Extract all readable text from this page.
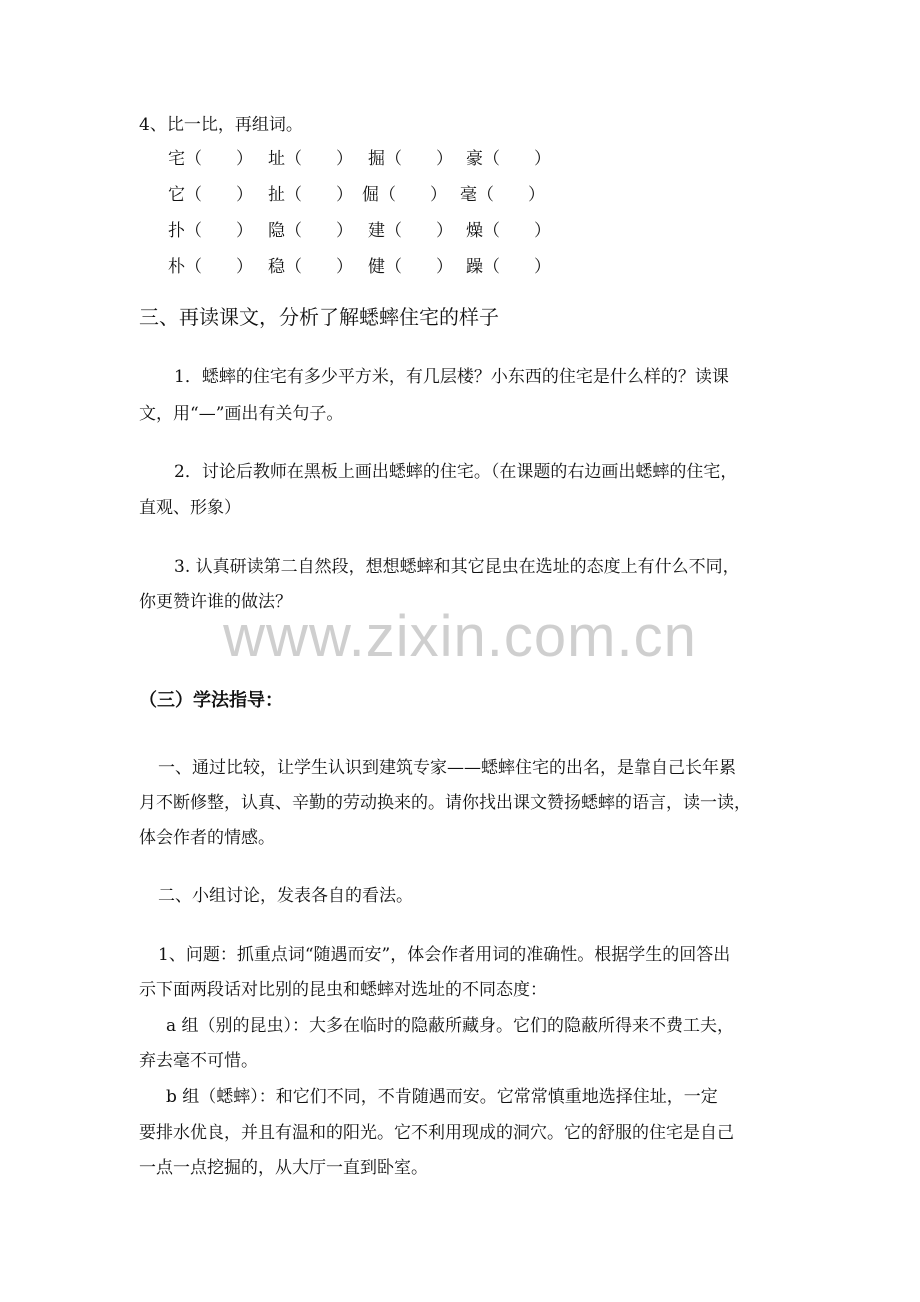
4、比一比，再组词。
宅（　　） 址（　　） 掘（　　） 豪（　　）
它（　　） 扯（　　） 倔（　　） 毫（　　）
扑（　　） 隐（　　） 建（　　） 燥（　　）
朴（　　） 稳（　　） 健（　　） 躁（　　）
三、再读课文，分析了解蟋蟀住宅的样子
1．蟋蟀的住宅有多少平方米，有几层楼？小东西的住宅是什么样的？读课
文，用“—”画出有关句子。
2．讨论后教师在黑板上画出蟋蟀的住宅。（在课题的右边画出蟋蟀的住宅，
直观、形象）
3. 认真研读第二自然段，想想蟋蟀和其它昆虫在选址的态度上有什么不同，
你更赞许谁的做法？
www.zixin.com.cn
（三）学法指导：
一、通过比较，让学生认识到建筑专家——蟋蟀住宅的出名，是靠自己长年累
月不断修整，认真、辛勤的劳动换来的。请你找出课文赞扬蟋蟀的语言，读一读，
体会作者的情感。
二、小组讨论，发表各自的看法。
1、问题：抓重点词“随遇而安”，体会作者用词的准确性。根据学生的回答出
示下面两段话对比别的昆虫和蟋蟀对选址的不同态度：
a 组（别的昆虫）：大多在临时的隐蔽所藏身。它们的隐蔽所得来不费工夫，
弃去毫不可惜。
b 组（蟋蟀）：和它们不同，不肯随遇而安。它常常慎重地选择住址，一定
要排水优良，并且有温和的阳光。它不利用现成的洞穴。它的舒服的住宅是自己
一点一点挖掘的，从大厅一直到卧室。
